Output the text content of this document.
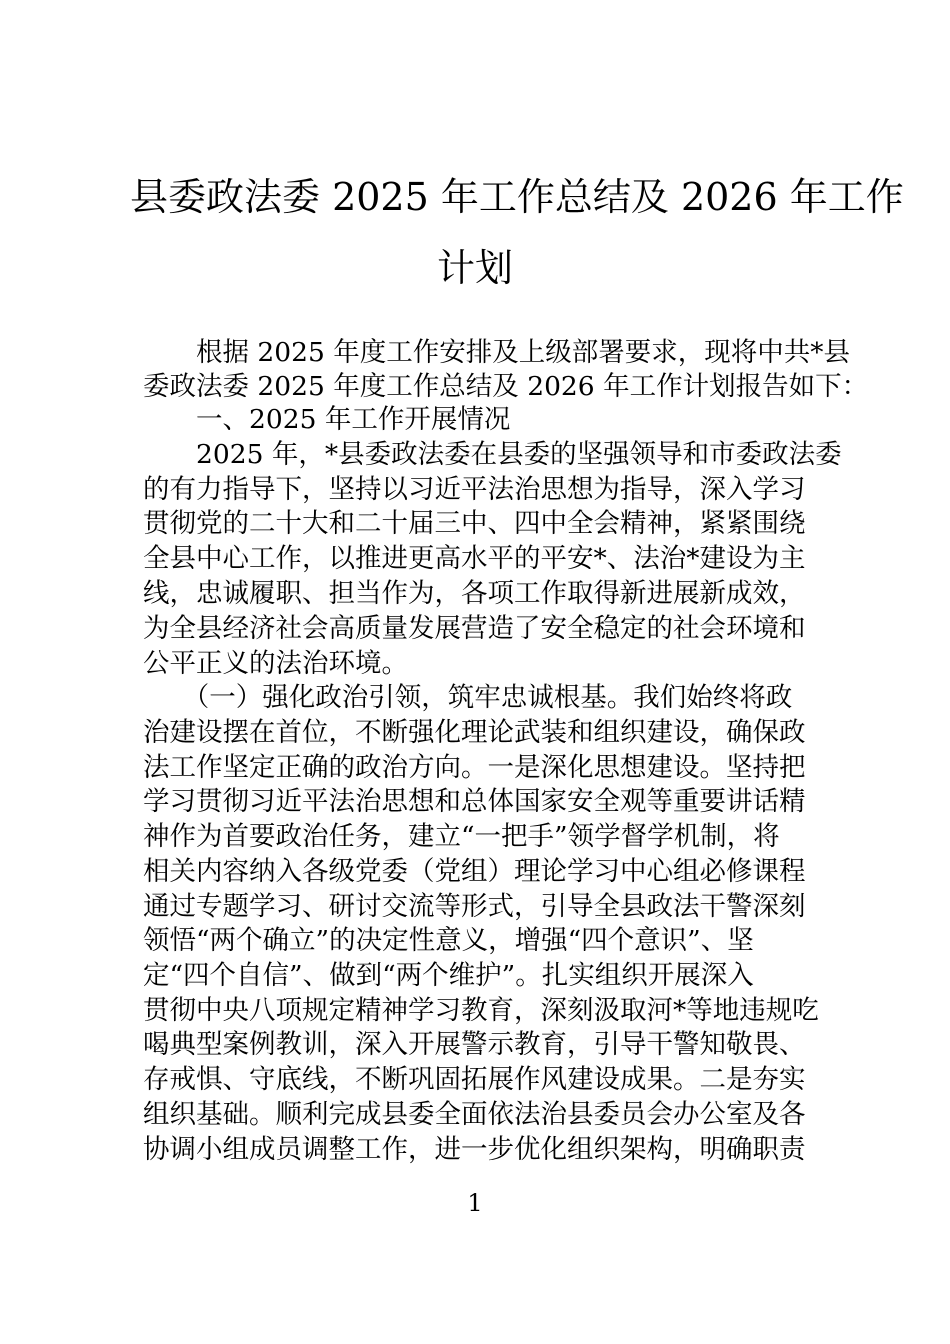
县委政法委 2025 年工作总结及 2026 年工作
计划

　　根据 2025 年度工作安排及上级部署要求，现将中共*县

委政法委 2025 年度工作总结及 2026 年工作计划报告如下：

　　一、2025 年工作开展情况

　　2025 年，*县委政法委在县委的坚强领导和市委政法委

的有力指导下，坚持以习近平法治思想为指导，深入学习

贯彻党的二十大和二十届三中、四中全会精神，紧紧围绕

全县中心工作，以推进更高水平的平安*、法治*建设为主

线，忠诚履职、担当作为，各项工作取得新进展新成效，

为全县经济社会高质量发展营造了安全稳定的社会环境和

公平正义的法治环境。

　　（一）强化政治引领，筑牢忠诚根基。我们始终将政

治建设摆在首位，不断强化理论武装和组织建设，确保政

法工作坚定正确的政治方向。一是深化思想建设。坚持把

学习贯彻习近平法治思想和总体国家安全观等重要讲话精

神作为首要政治任务，建立“一把手”领学督学机制，将

相关内容纳入各级党委（党组）理论学习中心组必修课程

通过专题学习、研讨交流等形式，引导全县政法干警深刻

领悟“两个确立”的决定性意义，增强“四个意识”、坚

定“四个自信”、做到“两个维护”。扎实组织开展深入

贯彻中央八项规定精神学习教育，深刻汲取河*等地违规吃

喝典型案例教训，深入开展警示教育，引导干警知敬畏、

存戒惧、守底线，不断巩固拓展作风建设成果。二是夯实

组织基础。顺利完成县委全面依法治县委员会办公室及各

协调小组成员调整工作，进一步优化组织架构，明确职责

1
